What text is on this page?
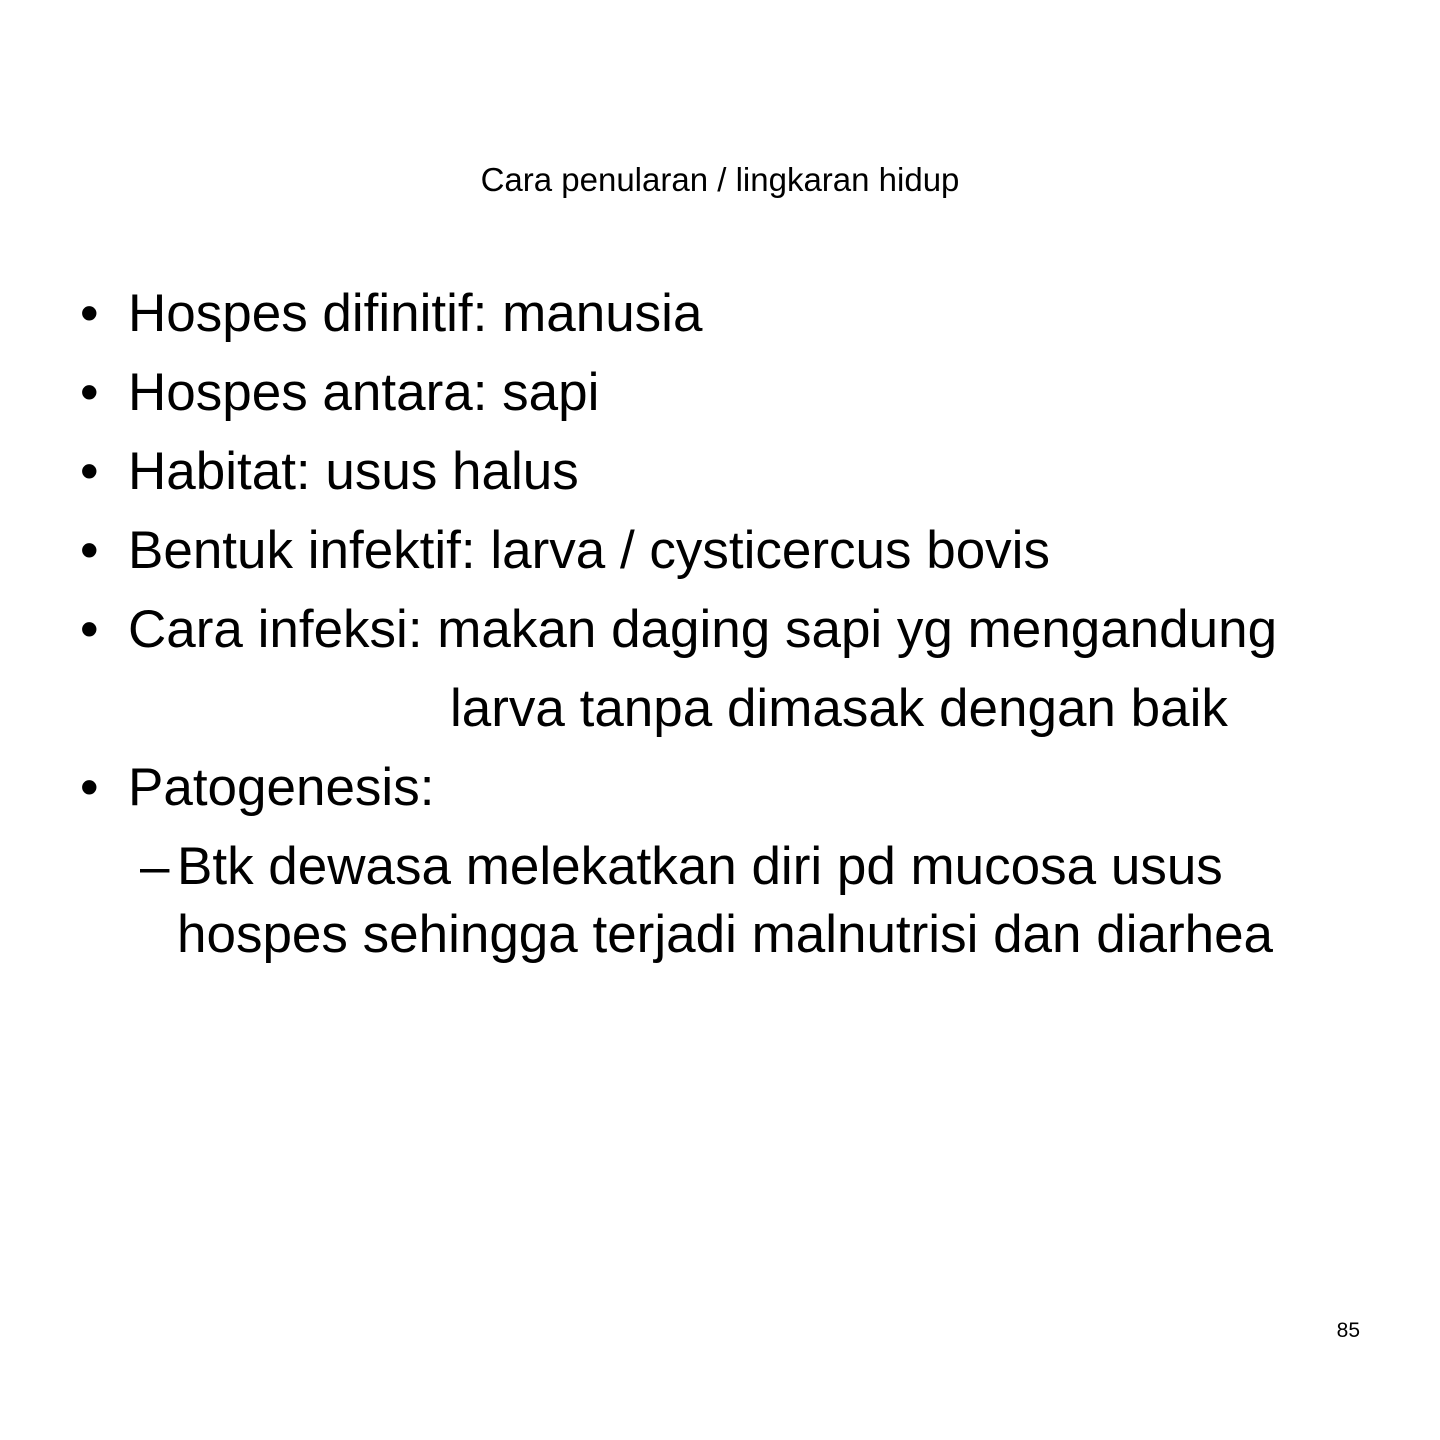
Cara penularan / lingkaran hidup
• Hospes difinitif: manusia
• Hospes antara: sapi
• Habitat: usus halus
• Bentuk infektif: larva / cysticercus bovis
• Cara infeksi: makan daging sapi yg mengandung
larva tanpa dimasak dengan baik
• Patogenesis:
– Btk dewasa melekatkan diri pd mucosa usus
hospes sehingga terjadi malnutrisi dan diarhea
85
